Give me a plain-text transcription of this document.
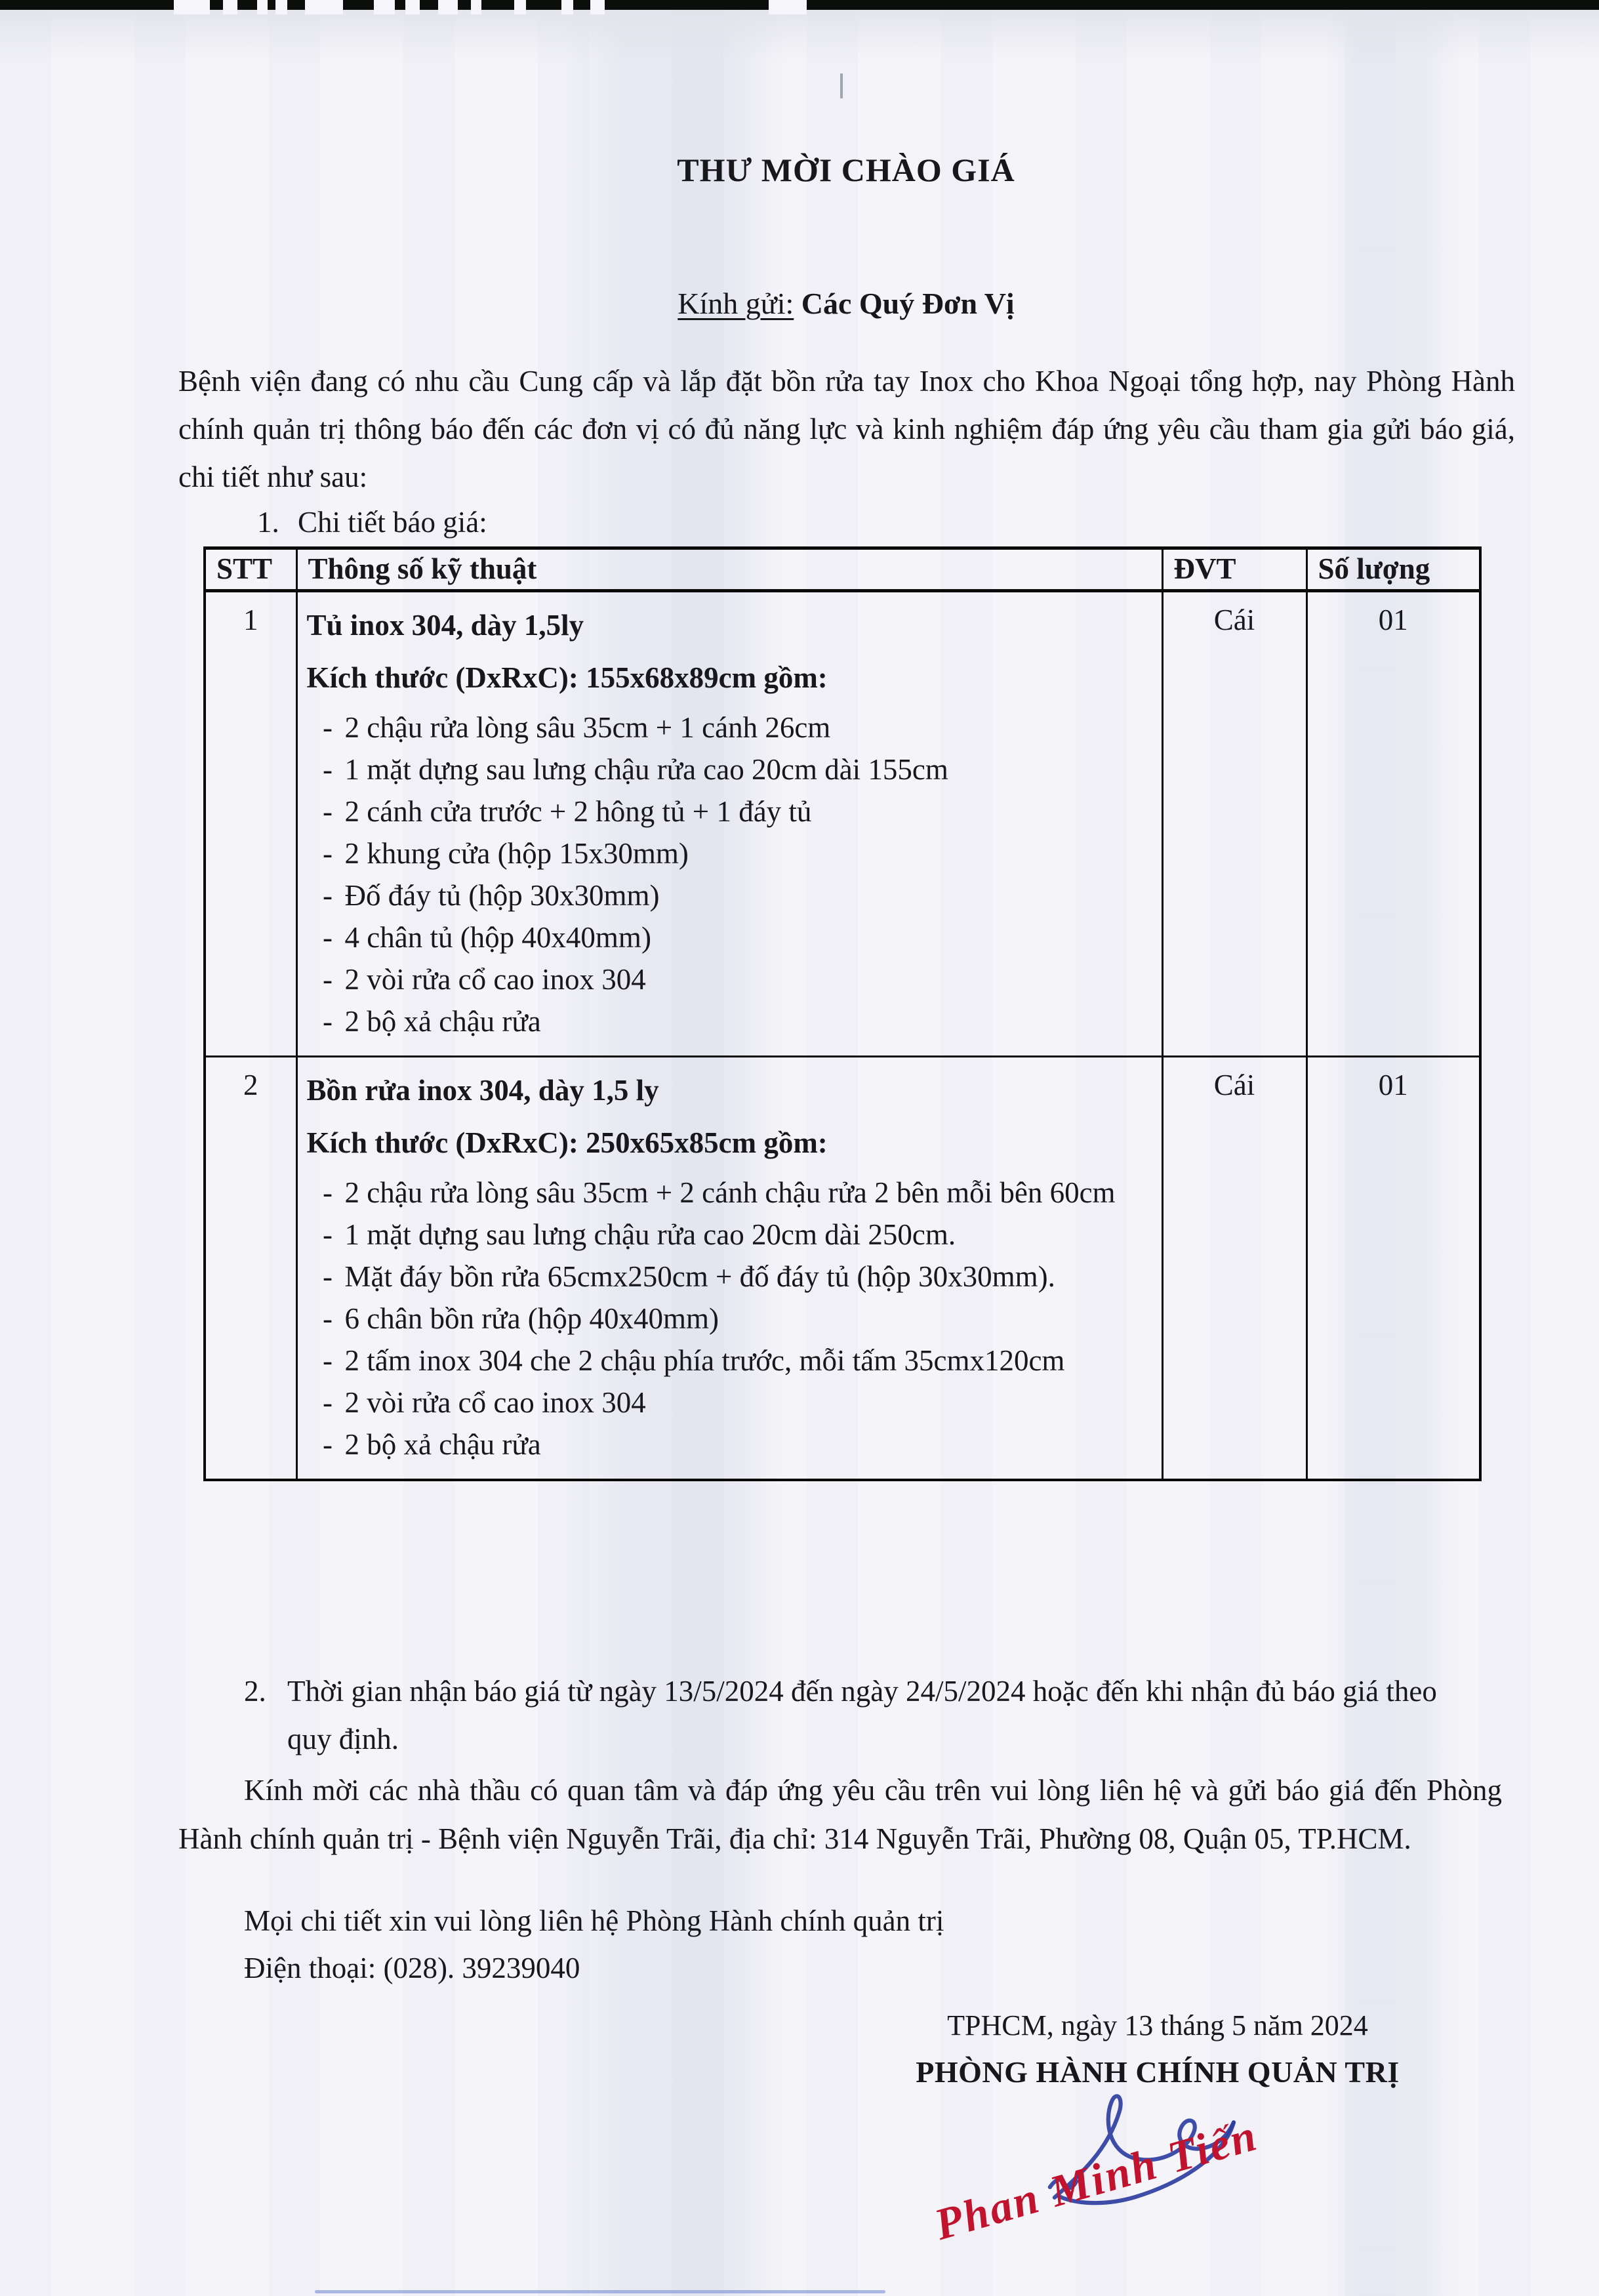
THƯ MỜI CHÀO GIÁ
Kính gửi: Các Quý Đơn Vị

Bệnh viện đang có nhu cầu Cung cấp và lắp đặt bồn rửa tay Inox cho Khoa Ngoại tổng hợp, nay Phòng Hành chính quản trị thông báo đến các đơn vị có đủ năng lực và kinh nghiệm đáp ứng yêu cầu tham gia gửi báo giá, chi tiết như sau:

1. Chi tiết báo giá:
STT	Thông số kỹ thuật	ĐVT	Số lượng
1	Tủ inox 304, dày 1,5ly
Kích thước (DxRxC): 155x68x89cm gồm:
- 2 chậu rửa lòng sâu 35cm + 1 cánh 26cm
- 1 mặt dựng sau lưng chậu rửa cao 20cm dài 155cm
- 2 cánh cửa trước + 2 hông tủ + 1 đáy tủ
- 2 khung cửa (hộp 15x30mm)
- Đố đáy tủ (hộp 30x30mm)
- 4 chân tủ (hộp 40x40mm)
- 2 vòi rửa cổ cao inox 304
- 2 bộ xả chậu rửa
	Cái	01
2	Bồn rửa inox 304, dày 1,5 ly
Kích thước (DxRxC): 250x65x85cm gồm:
- 2 chậu rửa lòng sâu 35cm + 2 cánh chậu rửa 2 bên mỗi bên 60cm
- 1 mặt dựng sau lưng chậu rửa cao 20cm dài 250cm.
- Mặt đáy bồn rửa 65cmx250cm + đố đáy tủ (hộp 30x30mm).
- 6 chân bồn rửa (hộp 40x40mm)
- 2 tấm inox 304 che 2 chậu phía trước, mỗi tấm 35cmx120cm
- 2 vòi rửa cổ cao inox 304
- 2 bộ xả chậu rửa
	Cái	01
2. Thời gian nhận báo giá từ ngày 13/5/2024 đến ngày 24/5/2024 hoặc đến khi nhận đủ báo giá theo quy định.

Kính mời các nhà thầu có quan tâm và đáp ứng yêu cầu trên vui lòng liên hệ và gửi báo giá đến Phòng Hành chính quản trị - Bệnh viện Nguyễn Trãi, địa chỉ: 314 Nguyễn Trãi, Phường 08, Quận 05, TP.HCM.

Mọi chi tiết xin vui lòng liên hệ Phòng Hành chính quản trị
Điện thoại: (028). 39239040
TPHCM, ngày 13 tháng 5 năm 2024
PHÒNG HÀNH CHÍNH QUẢN TRỊ
Phan Minh Tiến
